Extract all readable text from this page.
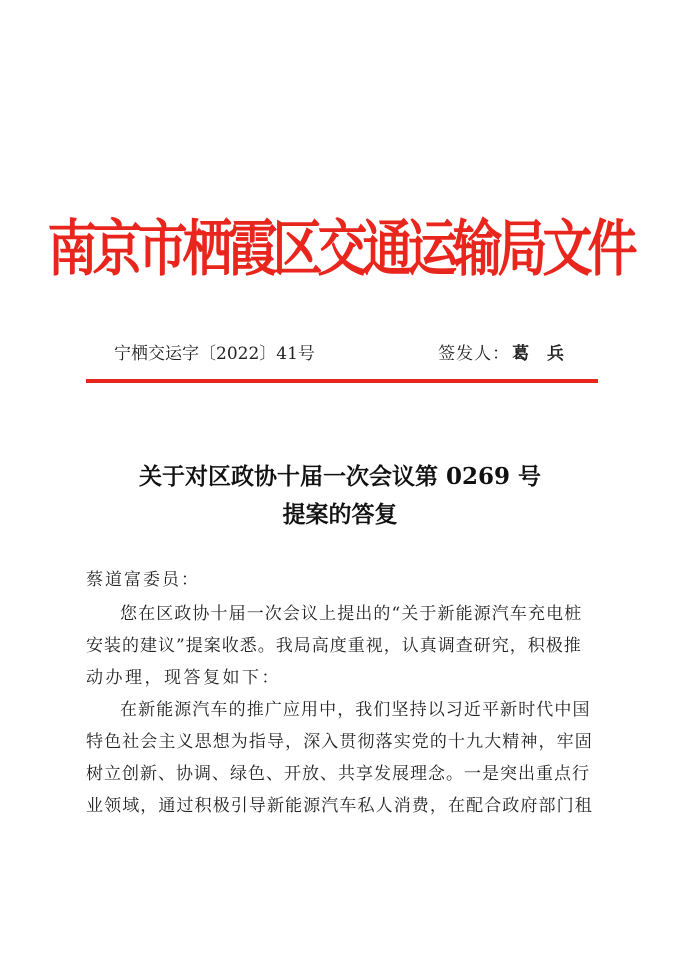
南京市栖霞区交通运输局文件
宁栖交运字〔2022〕41号	签发人： 葛 兵
关于对区政协十届一次会议第 0269 号
提案的答复
蔡道富委员：
您在区政协十届一次会议上提出的“关于新能源汽车充电桩
安装的建议”提案收悉。我局高度重视，认真调查研究，积极推
动办理，现答复如下：
在新能源汽车的推广应用中，我们坚持以习近平新时代中国
特色社会主义思想为指导，深入贯彻落实党的十九大精神，牢固
树立创新、协调、绿色、开放、共享发展理念。一是突出重点行
业领域，通过积极引导新能源汽车私人消费，在配合政府部门租
